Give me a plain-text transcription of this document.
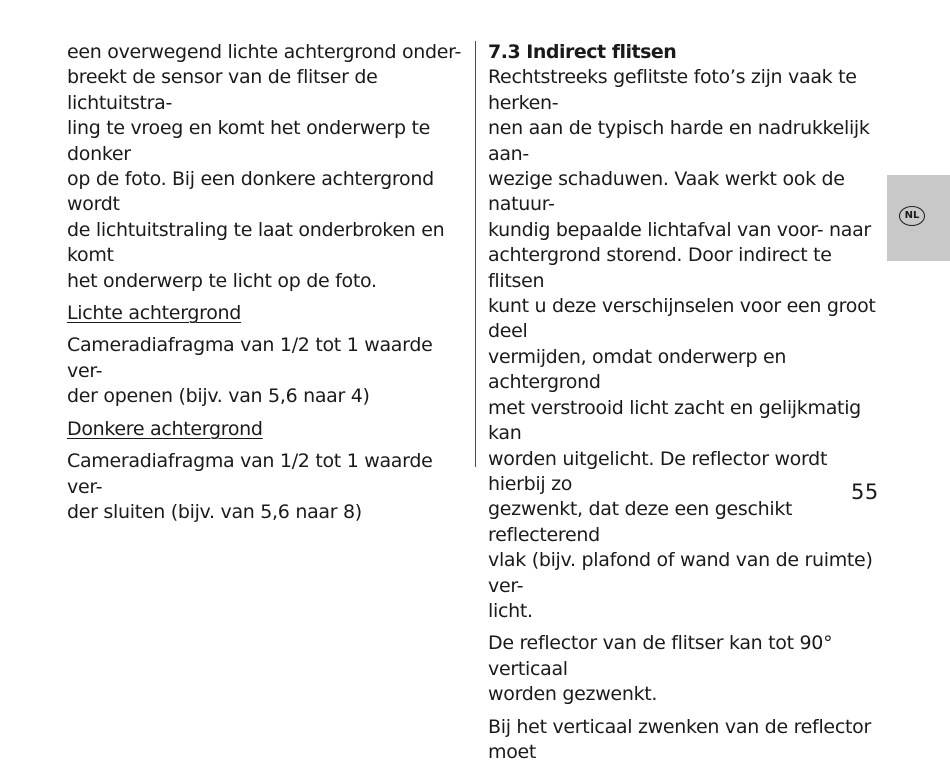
een overwegend lichte achtergrond onder-

breekt de sensor van de flitser de lichtuitstra-

ling te vroeg en komt het onderwerp te donker

op de foto. Bij een donkere achtergrond wordt

de lichtuitstraling te laat onderbroken en komt

het onderwerp te licht op de foto.

Lichte achtergrond

Cameradiafragma van 1/2 tot 1 waarde ver-

der openen (bijv. van 5,6 naar 4)

Donkere achtergrond

Cameradiafragma van 1/2 tot 1 waarde ver-

der sluiten (bijv. van 5,6 naar 8)

7.3 Indirect flitsen

Rechtstreeks geflitste foto’s zijn vaak te herken-

nen aan de typisch harde en nadrukkelijk aan-

wezige schaduwen. Vaak werkt ook de natuur-

kundig bepaalde lichtafval van voor- naar

achtergrond storend. Door indirect te flitsen

kunt u deze verschijnselen voor een groot deel

vermijden, omdat onderwerp en achtergrond

met verstrooid licht zacht en gelijkmatig kan

worden uitgelicht. De reflector wordt hierbij zo

gezwenkt, dat deze een geschikt reflecterend

vlak (bijv. plafond of wand van de ruimte) ver-

licht.

De reflector van de flitser kan tot 90° verticaal

worden gezwenkt.

Bij het verticaal zwenken van de reflector moet

NL
55
